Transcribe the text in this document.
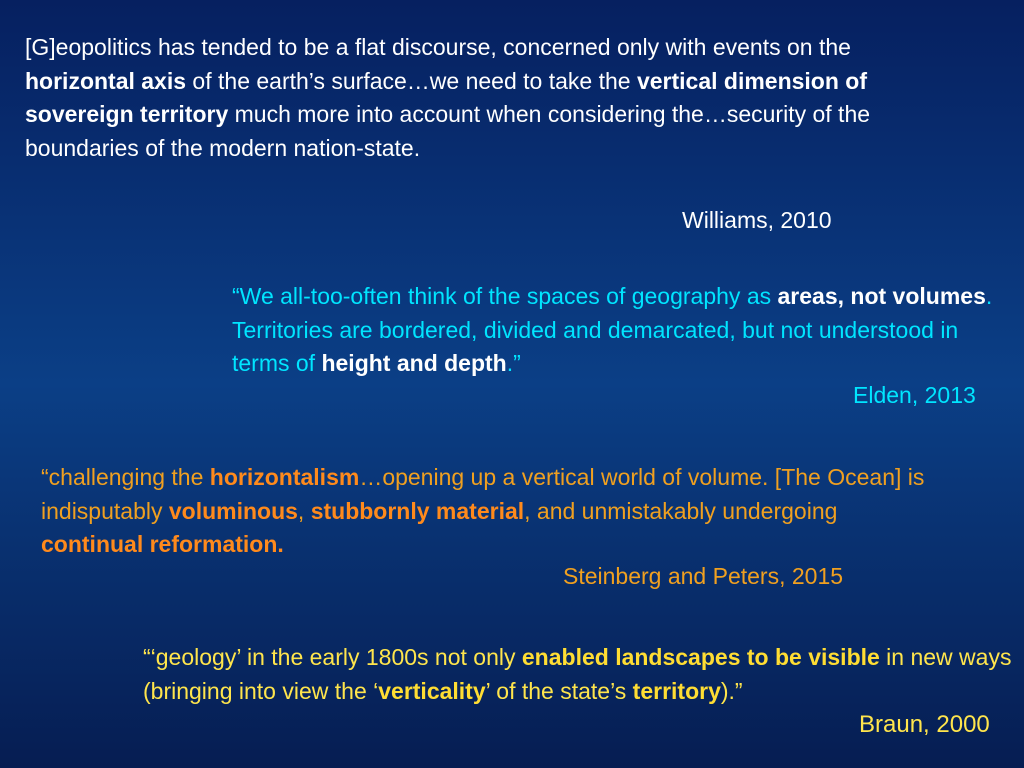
[G]eopolitics has tended to be a flat discourse, concerned only with events on the horizontal axis of the earth’s surface…we need to take the vertical dimension of sovereign territory much more into account when considering the…security of the boundaries of the modern nation-state.

Williams, 2010

“We all-too-often think of the spaces of geography as areas, not volumes. Territories are bordered, divided and demarcated, but not understood in terms of height and depth.”

Elden, 2013

“challenging the horizontalism…opening up a vertical world of volume. [The Ocean] is indisputably voluminous, stubbornly material, and unmistakably undergoing continual reformation.

Steinberg and Peters, 2015

“‘geology’ in the early 1800s not only enabled landscapes to be visible in new ways (bringing into view the ‘verticality’ of the state’s territory).”

Braun, 2000
